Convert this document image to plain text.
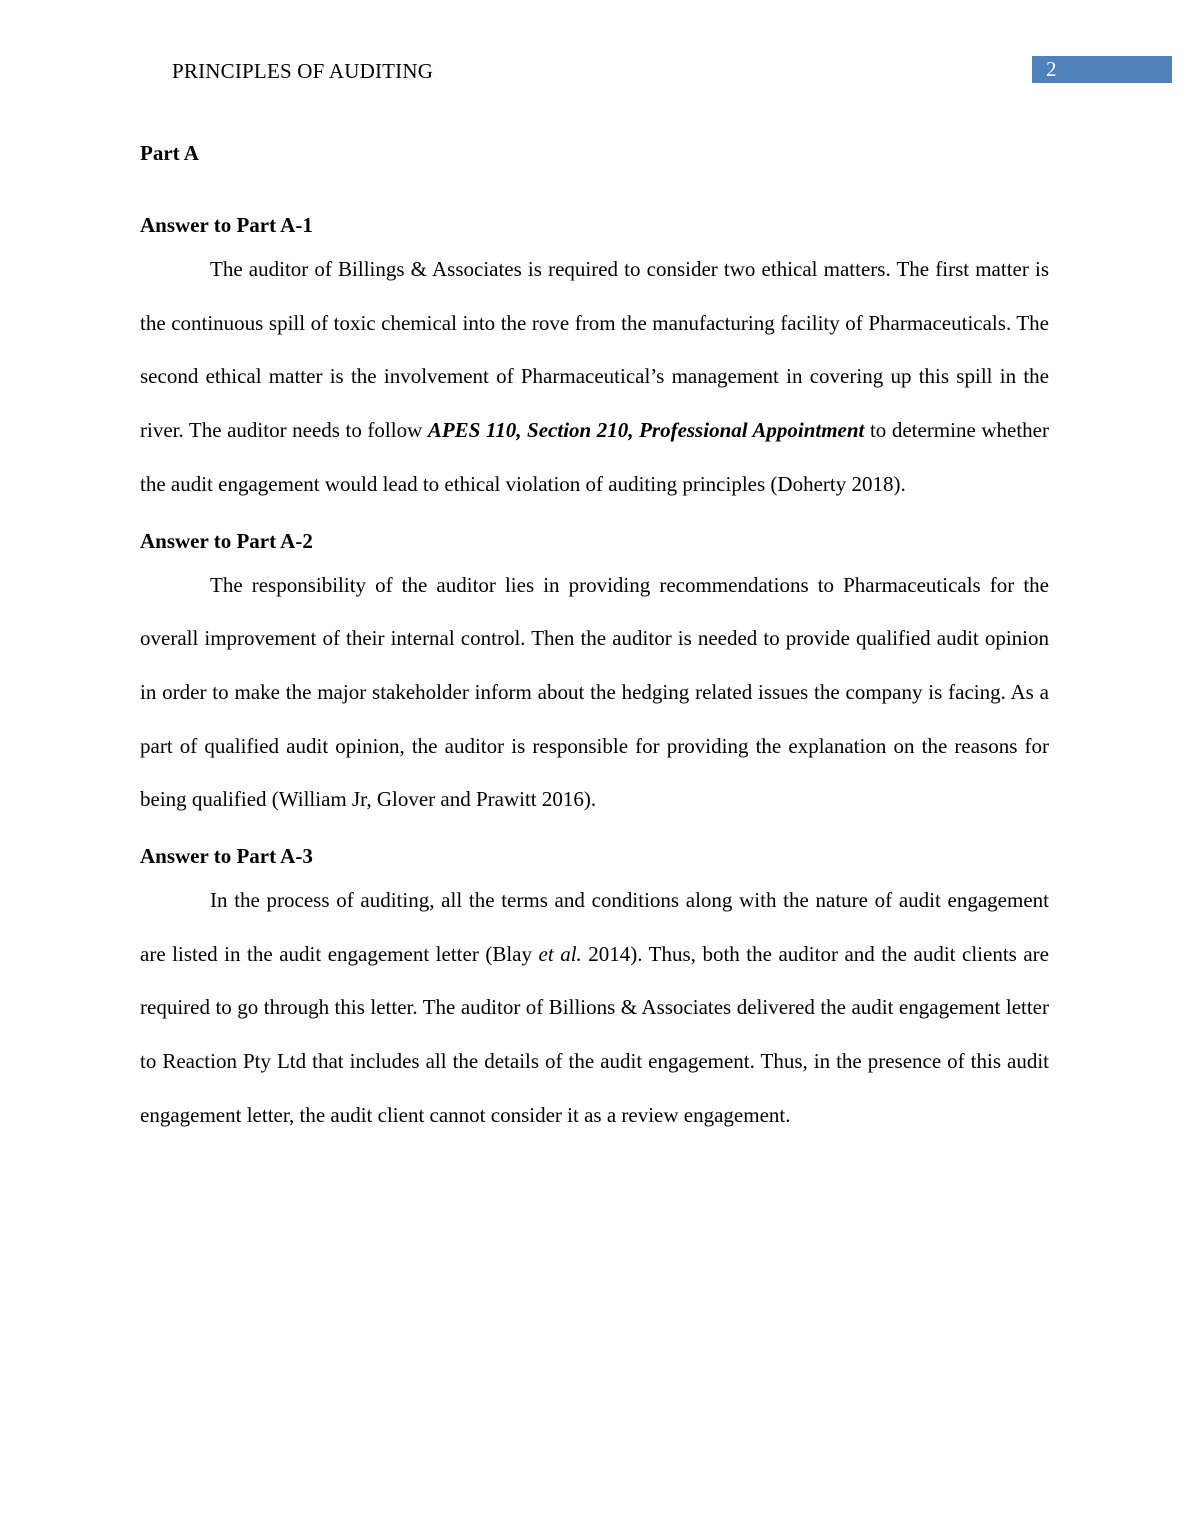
PRINCIPLES OF AUDITING	2
Part A
Answer to Part A-1

The auditor of Billings & Associates is required to consider two ethical matters. The first matter is the continuous spill of toxic chemical into the rove from the manufacturing facility of Pharmaceuticals. The second ethical matter is the involvement of Pharmaceutical’s management in covering up this spill in the river. The auditor needs to follow APES 110, Section 210, Professional Appointment to determine whether the audit engagement would lead to ethical violation of auditing principles (Doherty 2018).

Answer to Part A-2

The responsibility of the auditor lies in providing recommendations to Pharmaceuticals for the overall improvement of their internal control. Then the auditor is needed to provide qualified audit opinion in order to make the major stakeholder inform about the hedging related issues the company is facing. As a part of qualified audit opinion, the auditor is responsible for providing the explanation on the reasons for being qualified (William Jr, Glover and Prawitt 2016).

Answer to Part A-3

In the process of auditing, all the terms and conditions along with the nature of audit engagement are listed in the audit engagement letter (Blay et al. 2014). Thus, both the auditor and the audit clients are required to go through this letter. The auditor of Billions & Associates delivered the audit engagement letter to Reaction Pty Ltd that includes all the details of the audit engagement. Thus, in the presence of this audit engagement letter, the audit client cannot consider it as a review engagement.
